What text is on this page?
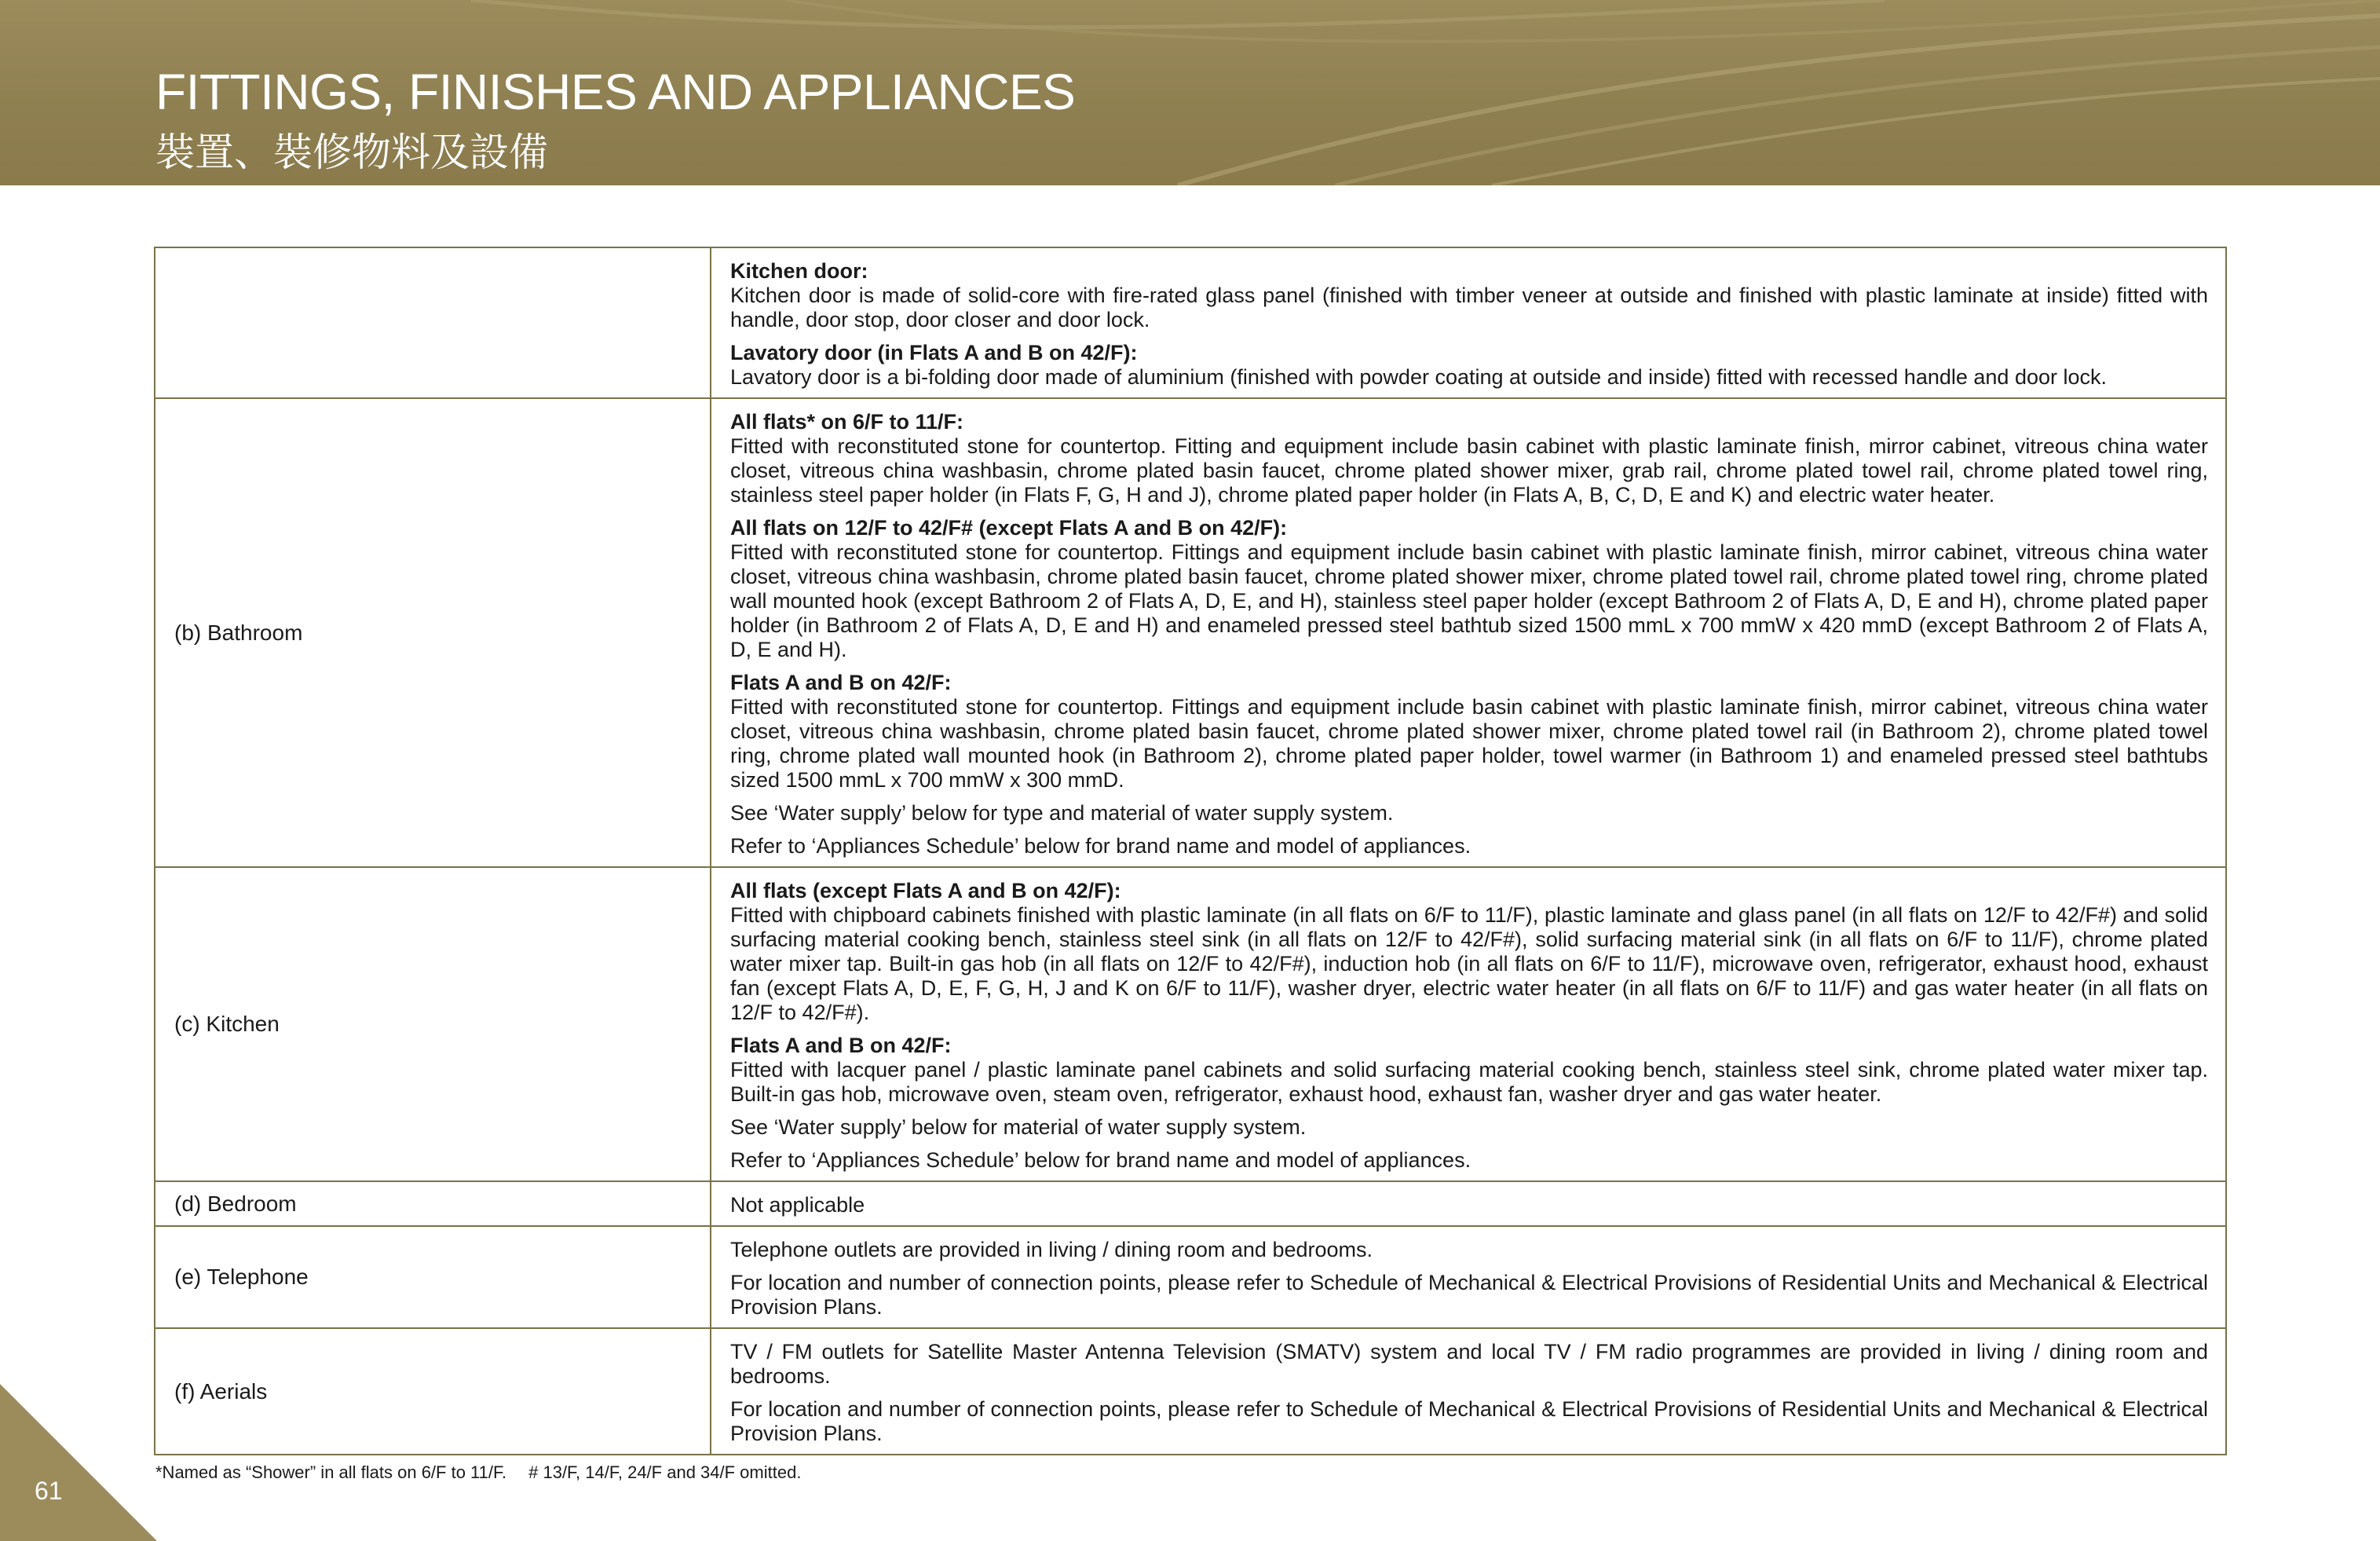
FITTINGS, FINISHES AND APPLIANCES
裝置、裝修物料及設備
Kitchen door:
Kitchen door is made of solid-core with fire-rated glass panel (finished with timber veneer at outside and finished with plastic laminate at inside) fitted with handle, door stop, door closer and door lock.
Lavatory door (in Flats A and B on 42/F):
Lavatory door is a bi-folding door made of aluminium (finished with powder coating at outside and inside) fitted with recessed handle and door lock.
(b) Bathroom
All flats* on 6/F to 11/F:
Fitted with reconstituted stone for countertop. Fitting and equipment include basin cabinet with plastic laminate finish, mirror cabinet, vitreous china water closet, vitreous china washbasin, chrome plated basin faucet, chrome plated shower mixer, grab rail, chrome plated towel rail, chrome plated towel ring, stainless steel paper holder (in Flats F, G, H and J), chrome plated paper holder (in Flats A, B, C, D, E and K) and electric water heater.
All flats on 12/F to 42/F# (except Flats A and B on 42/F):
Fitted with reconstituted stone for countertop. Fittings and equipment include basin cabinet with plastic laminate finish, mirror cabinet, vitreous china water closet, vitreous china washbasin, chrome plated basin faucet, chrome plated shower mixer, chrome plated towel rail, chrome plated towel ring, chrome plated wall mounted hook (except Bathroom 2 of Flats A, D, E, and H), stainless steel paper holder (except Bathroom 2 of Flats A, D, E and H), chrome plated paper holder (in Bathroom 2 of Flats A, D, E and H) and enameled pressed steel bathtub sized 1500 mmL x 700 mmW x 420 mmD (except Bathroom 2 of Flats A, D, E and H).
Flats A and B on 42/F:
Fitted with reconstituted stone for countertop. Fittings and equipment include basin cabinet with plastic laminate finish, mirror cabinet, vitreous china water closet, vitreous china washbasin, chrome plated basin faucet, chrome plated shower mixer, chrome plated towel rail (in Bathroom 2), chrome plated towel ring, chrome plated wall mounted hook (in Bathroom 2), chrome plated paper holder, towel warmer (in Bathroom 1) and enameled pressed steel bathtubs sized 1500 mmL x 700 mmW x 300 mmD.
See ‘Water supply’ below for type and material of water supply system.
Refer to ‘Appliances Schedule’ below for brand name and model of appliances.
(c) Kitchen
All flats (except Flats A and B on 42/F):
Fitted with chipboard cabinets finished with plastic laminate (in all flats on 6/F to 11/F), plastic laminate and glass panel (in all flats on 12/F to 42/F#) and solid surfacing material cooking bench, stainless steel sink (in all flats on 12/F to 42/F#), solid surfacing material sink (in all flats on 6/F to 11/F), chrome plated water mixer tap. Built-in gas hob (in all flats on 12/F to 42/F#), induction hob (in all flats on 6/F to 11/F), microwave oven, refrigerator, exhaust hood, exhaust fan (except Flats A, D, E, F, G, H, J and K on 6/F to 11/F), washer dryer, electric water heater (in all flats on 6/F to 11/F) and gas water heater (in all flats on 12/F to 42/F#).
Flats A and B on 42/F:
Fitted with lacquer panel / plastic laminate panel cabinets and solid surfacing material cooking bench, stainless steel sink, chrome plated water mixer tap. Built-in gas hob, microwave oven, steam oven, refrigerator, exhaust hood, exhaust fan, washer dryer and gas water heater.
See ‘Water supply’ below for material of water supply system.
Refer to ‘Appliances Schedule’ below for brand name and model of appliances.
(d) Bedroom	Not applicable
(e) Telephone
Telephone outlets are provided in living / dining room and bedrooms.
For location and number of connection points, please refer to Schedule of Mechanical & Electrical Provisions of Residential Units and Mechanical & Electrical Provision Plans.
(f) Aerials
TV / FM outlets for Satellite Master Antenna Television (SMATV) system and local TV / FM radio programmes are provided in living / dining room and bedrooms.
For location and number of connection points, please refer to Schedule of Mechanical & Electrical Provisions of Residential Units and Mechanical & Electrical Provision Plans.
*Named as “Shower” in all flats on 6/F to 11/F. # 13/F, 14/F, 24/F and 34/F omitted.
61
